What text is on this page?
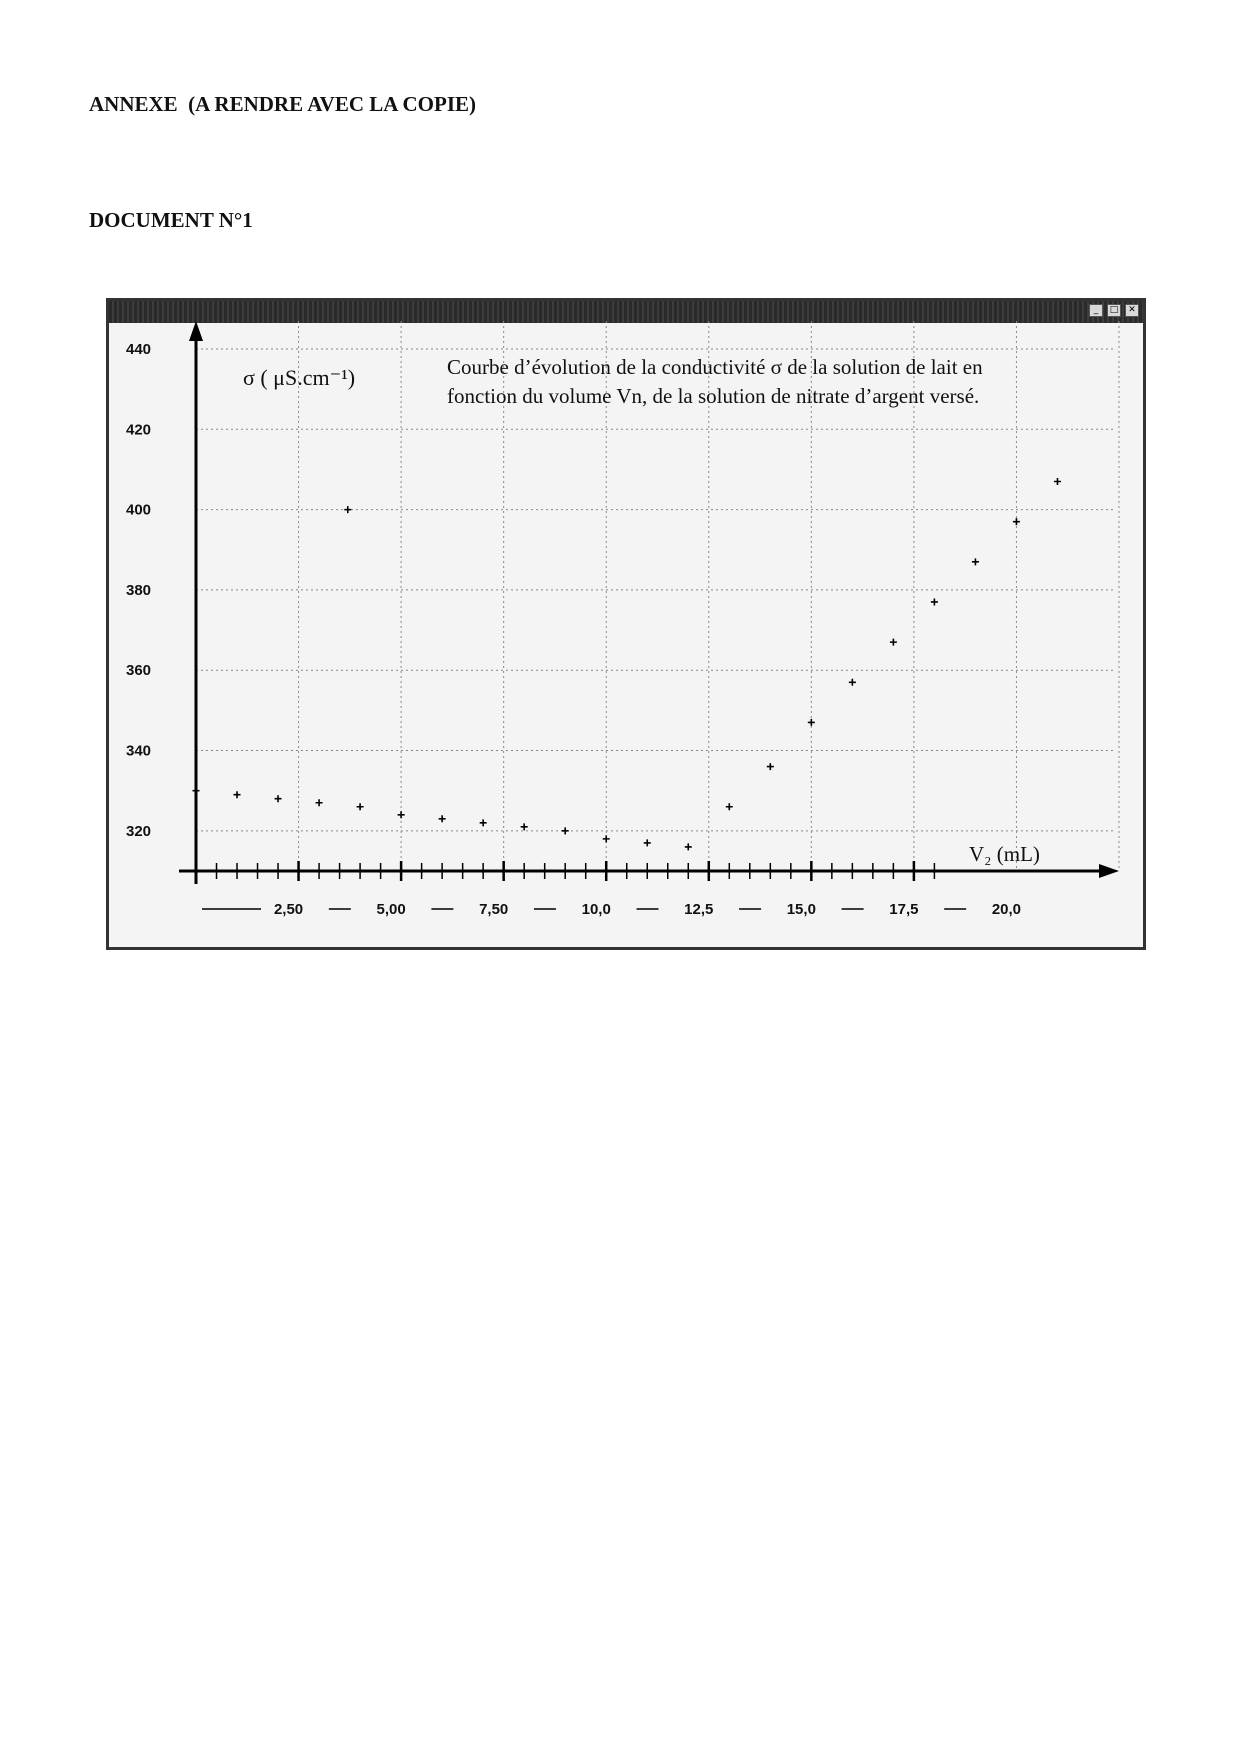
ANNEXE  (A RENDRE AVEC LA COPIE)
DOCUMENT N°1
_	□	✕
320
340
360
380
400
420
440
2,50	5,00	7,50	10,0	12,5	15,0	17,5	20,0
σ ( μS.cm⁻¹)	Courbe d’évolution de la conductivité σ de la solution de lait en
fonction du volume Vn, de la solution de nitrate d’argent versé.
V₂ (mL)
